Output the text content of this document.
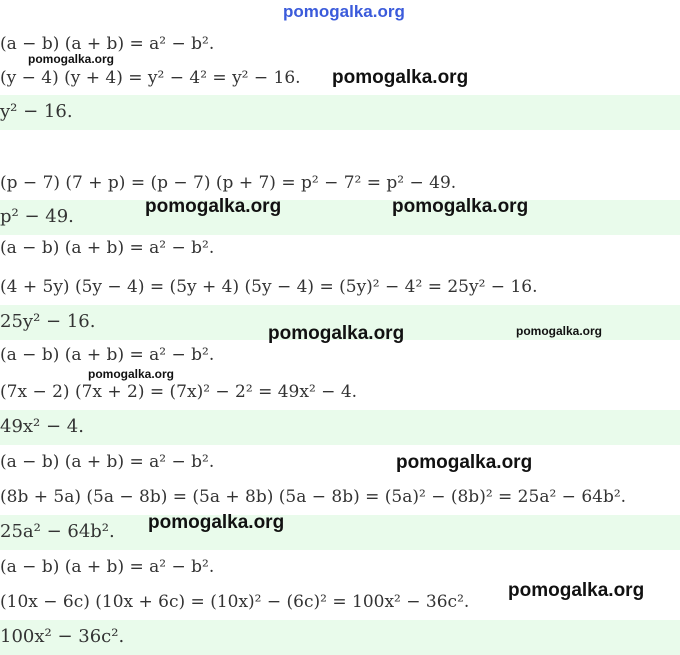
pomogalka.org
(a − b) (a + b) = a² − b².
pomogalka.org
(y − 4) (y + 4) = y² − 4² = y² − 16. pomogalka.org
y² − 16.
(p − 7) (7 + p) = (p − 7) (p + 7) = p² − 7² = p² − 49.
p² − 49.	pomogalka.org	pomogalka.org
(a − b) (a + b) = a² − b².
(4 + 5y) (5y − 4) = (5y + 4) (5y − 4) = (5y)² − 4² = 25y² − 16.
25y² − 16.
pomogalka.org	pomogalka.org
(a − b) (a + b) = a² − b².
pomogalka.org
(7x − 2) (7x + 2) = (7x)² − 2² = 49x² − 4.
49x² − 4.
(a − b) (a + b) = a² − b².	pomogalka.org
(8b + 5a) (5a − 8b) = (5a + 8b) (5a − 8b) = (5a)² − (8b)² = 25a² − 64b².
25a² − 64b². pomogalka.org
(a − b) (a + b) = a² − b².
(10x − 6c) (10x + 6c) = (10x)² − (6c)² = 100x² − 36c².
pomogalka.org
100x² − 36c².
